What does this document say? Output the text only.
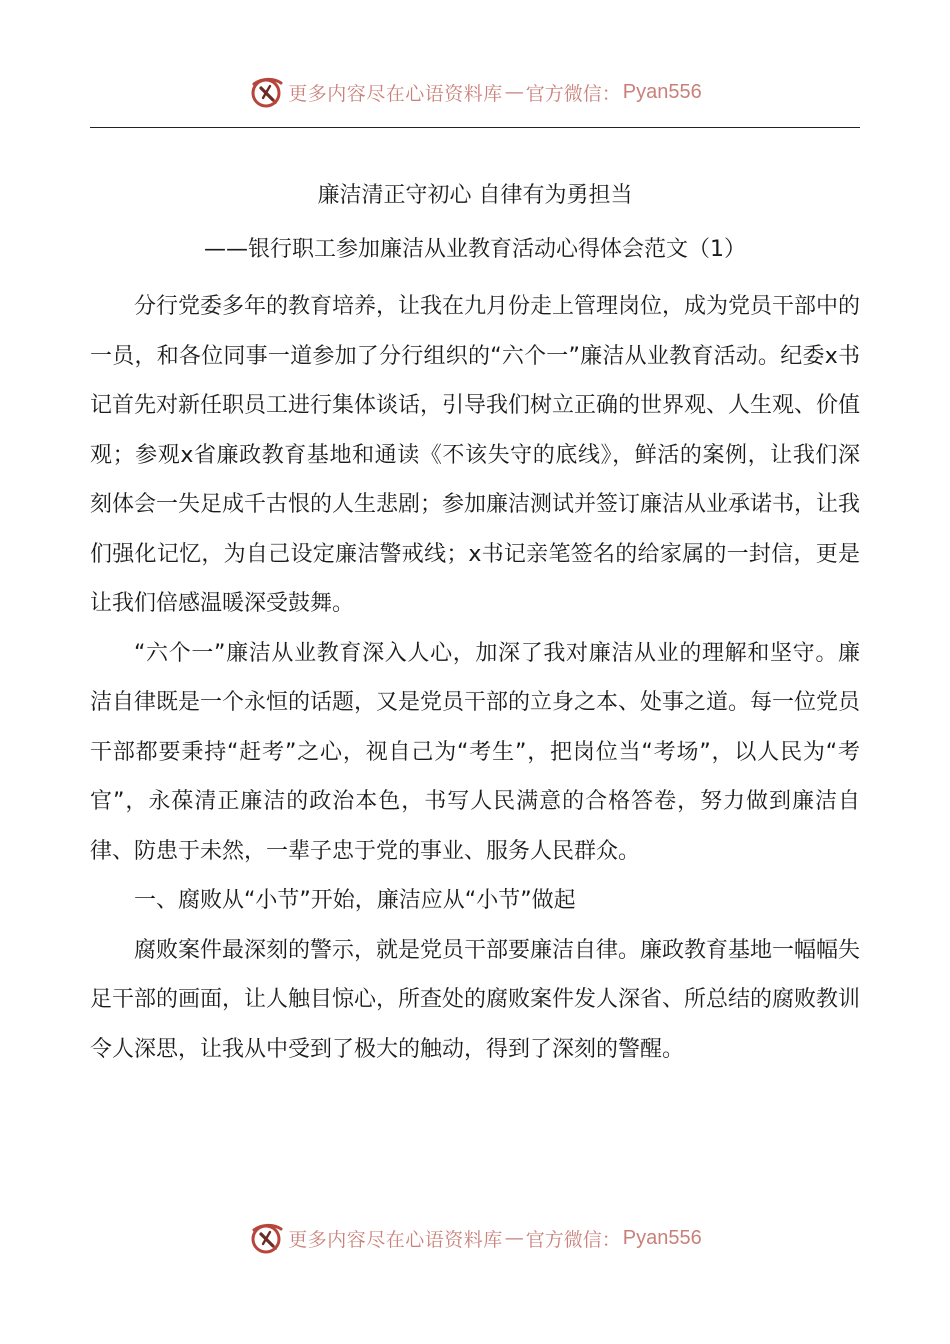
更多内容尽在心语资料库 — 官方微信： Pyan556
廉洁清正守初心 自律有为勇担当
——银行职工参加廉洁从业教育活动心得体会范文（1）

分行党委多年的教育培养，让我在九月份走上管理岗位，成为党员干部中的一员，和各位同事一道参加了分行组织的“六个一”廉洁从业教育活动。纪委x书记首先对新任职员工进行集体谈话，引导我们树立正确的世界观、人生观、价值观；参观x省廉政教育基地和通读《不该失守的底线》，鲜活的案例，让我们深刻体会一失足成千古恨的人生悲剧；参加廉洁测试并签订廉洁从业承诺书，让我们强化记忆，为自己设定廉洁警戒线；x书记亲笔签名的给家属的一封信，更是让我们倍感温暖深受鼓舞。

“六个一”廉洁从业教育深入人心，加深了我对廉洁从业的理解和坚守。廉洁自律既是一个永恒的话题，又是党员干部的立身之本、处事之道。每一位党员干部都要秉持“赶考”之心，视自己为“考生”，把岗位当“考场”，以人民为“考官”，永葆清正廉洁的政治本色，书写人民满意的合格答卷，努力做到廉洁自律、防患于未然，一辈子忠于党的事业、服务人民群众。

一、腐败从“小节”开始，廉洁应从“小节”做起

腐败案件最深刻的警示，就是党员干部要廉洁自律。廉政教育基地一幅幅失足干部的画面，让人触目惊心，所查处的腐败案件发人深省、所总结的腐败教训令人深思，让我从中受到了极大的触动，得到了深刻的警醒。

更多内容尽在心语资料库 — 官方微信： Pyan556
